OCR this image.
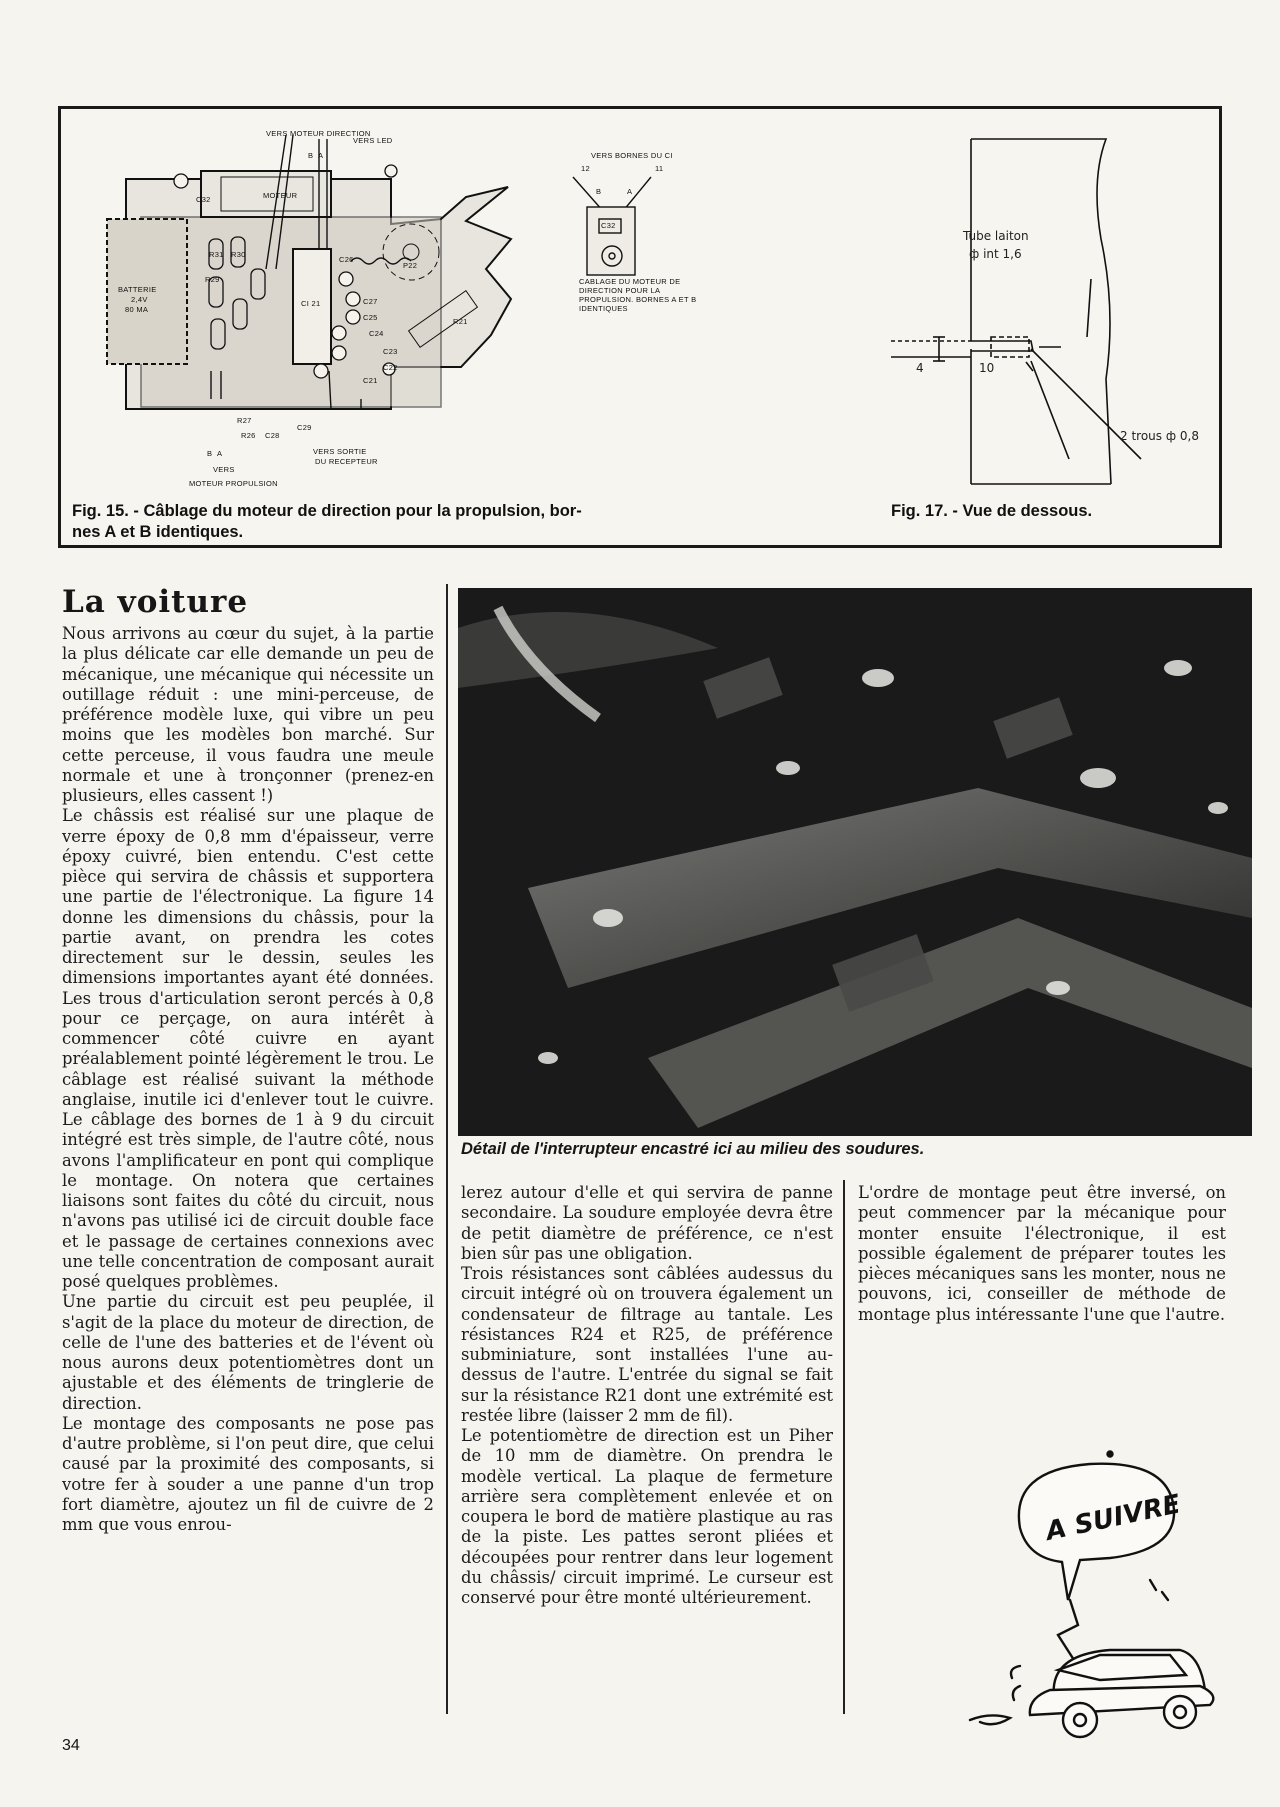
VERS MOTEUR DIRECTION
VERS LED
B A
MOTEUR
BATTERIE
2,4V
80 MA
C32
R31 R30
R29
CI 21
C26
P22
R21
C27
C25
C24
C23
C22
C21
R27
R26 C28
C29
VERS SORTIE
DU RECEPTEUR
B A
VERS
MOTEUR PROPULSION
VERS BORNES DU CI
12	11
B	A
C32
CABLAGE DU MOTEUR DE DIRECTION POUR LA PROPULSION. BORNES A ET B IDENTIQUES
Fig. 15. - Câblage du moteur de direction pour la propulsion, bor-
nes A et B identiques.
Tube laiton
ф int 1,6
4	10
2 trous ф 0,8
Fig. 17. - Vue de dessous.
La voiture

Nous arrivons au cœur du sujet, à la partie la plus délicate car elle demande un peu de mécanique, une mécanique qui nécessite un outillage réduit : une mini-perceuse, de préférence modèle luxe, qui vibre un peu moins que les modèles bon marché. Sur cette perceuse, il vous faudra une meule normale et une à tronçonner (prenez-en plusieurs, elles cassent !)

Le châssis est réalisé sur une plaque de verre époxy de 0,8 mm d'épaisseur, verre époxy cuivré, bien entendu. C'est cette pièce qui servira de châssis et supportera une partie de l'électronique. La figure 14 donne les dimensions du châssis, pour la partie avant, on prendra les cotes directement sur le dessin, seules les dimensions importantes ayant été données. Les trous d'articulation seront percés à 0,8 pour ce perçage, on aura intérêt à commencer côté cuivre en ayant préalablement pointé légèrement le trou. Le câblage est réalisé suivant la méthode anglaise, inutile ici d'enlever tout le cuivre. Le câblage des bornes de 1 à 9 du circuit intégré est très simple, de l'autre côté, nous avons l'amplificateur en pont qui complique le montage. On notera que certaines liaisons sont faites du côté du circuit, nous n'avons pas utilisé ici de circuit double face et le passage de certaines connexions avec une telle concentration de composant aurait posé quelques problèmes.

Une partie du circuit est peu peuplée, il s'agit de la place du moteur de direction, de celle de l'une des batteries et de l'évent où nous aurons deux potentiomètres dont un ajustable et des éléments de tringlerie de direction.

Le montage des composants ne pose pas d'autre problème, si l'on peut dire, que celui causé par la proximité des composants, si votre fer à souder a une panne d'un trop fort diamètre, ajoutez un fil de cuivre de 2 mm que vous enrou-

Détail de l'interrupteur encastré ici au milieu des soudures.

lerez autour d'elle et qui servira de panne secondaire. La soudure employée devra être de petit diamètre de préférence, ce n'est bien sûr pas une obligation.

Trois résistances sont câblées audessus du circuit intégré où on trouvera également un condensateur de filtrage au tantale. Les résistances R24 et R25, de préférence subminiature, sont installées l'une au-dessus de l'autre. L'entrée du signal se fait sur la résistance R21 dont une extrémité est restée libre (laisser 2 mm de fil).

Le potentiomètre de direction est un Piher de 10 mm de diamètre. On prendra le modèle vertical. La plaque de fermeture arrière sera complètement enlevée et on coupera le bord de matière plastique au ras de la piste. Les pattes seront pliées et découpées pour rentrer dans leur logement du châssis/ circuit imprimé. Le curseur est conservé pour être monté ultérieurement.

L'ordre de montage peut être inversé, on peut commencer par la mécanique pour monter ensuite l'électronique, il est possible également de préparer toutes les pièces mécaniques sans les monter, nous ne pouvons, ici, conseiller de méthode de montage plus intéressante l'une que l'autre.

A SUIVRE
34
